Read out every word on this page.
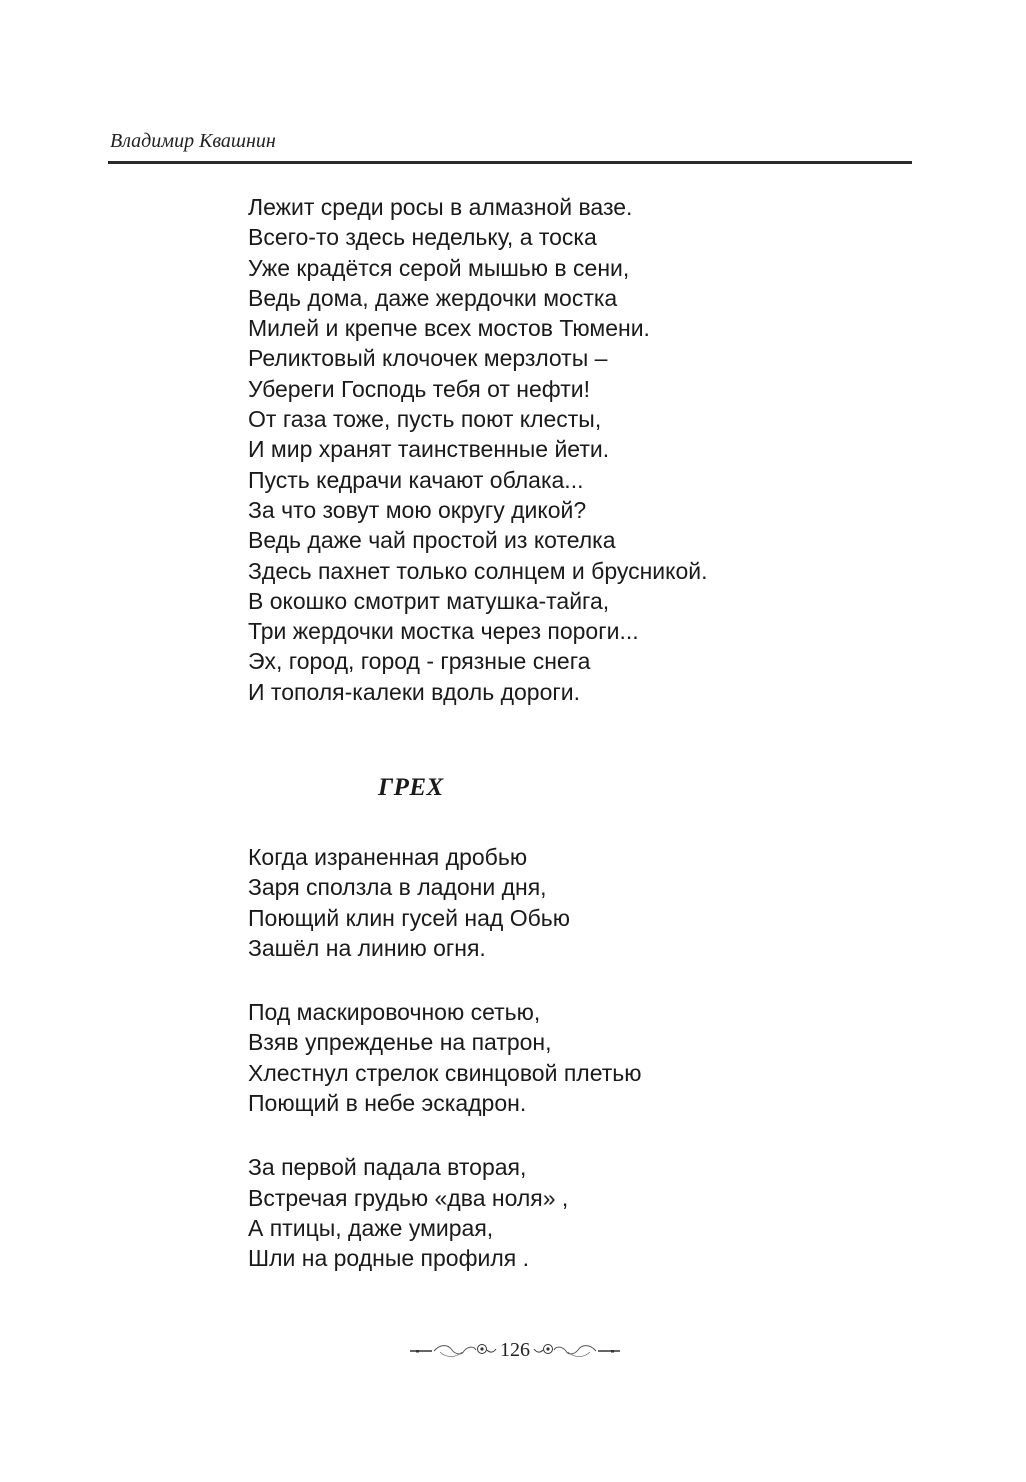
Владимир Квашнин
Лежит среди росы в алмазной вазе.
Всего-то здесь недельку, а тоска
Уже крадётся серой мышью в сени,
Ведь дома, даже жердочки мостка
Милей и крепче всех мостов Тюмени.
Реликтовый клочочек мерзлоты –
Убереги Господь тебя от нефти!
От газа тоже, пусть поют клесты,
И мир хранят таинственные йети.
Пусть кедрачи качают облака...
За что зовут мою округу дикой?
Ведь даже чай простой из котелка
Здесь пахнет только солнцем и брусникой.
В окошко смотрит матушка-тайга,
Три жердочки мостка через пороги...
Эх, город, город - грязные снега
И тополя-калеки вдоль дороги.
ГРЕХ
Когда израненная дробью
Заря сползла в ладони дня,
Поющий клин гусей над Обью
Зашёл на линию огня.
Под маскировочною сетью,
Взяв упрежденье на патрон,
Хлестнул стрелок свинцовой плетью
Поющий в небе эскадрон.
За первой падала вторая,
Встречая грудью «два ноля» ,
А птицы, даже умирая,
Шли на родные профиля .
126
